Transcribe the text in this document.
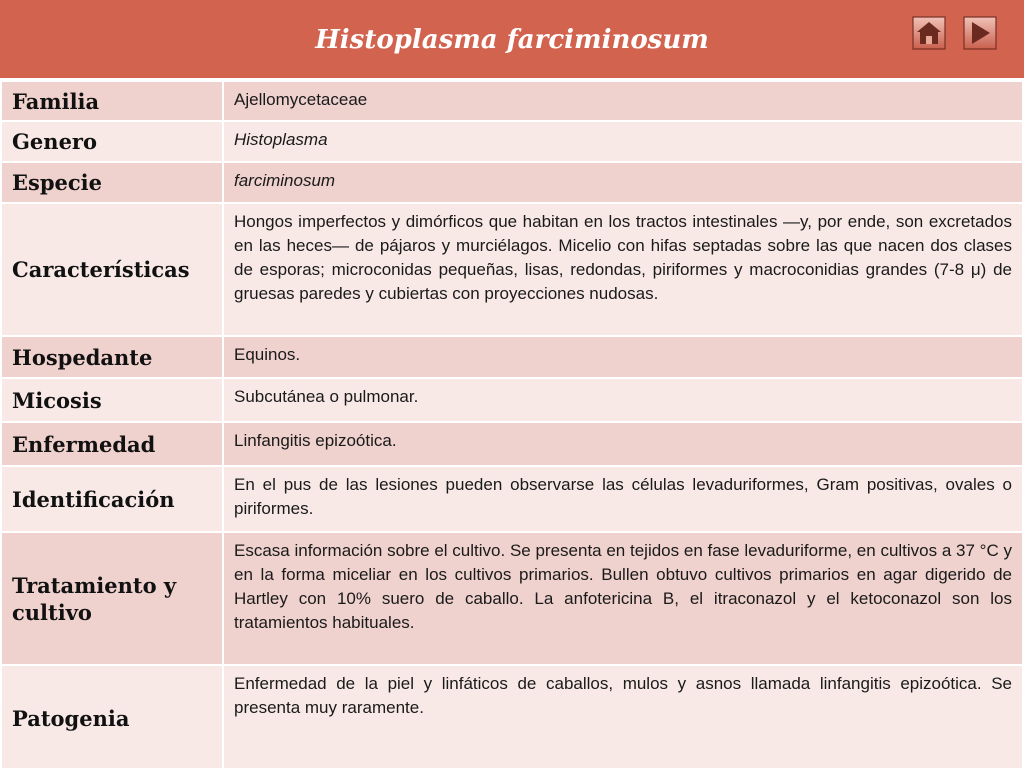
Histoplasma farciminosum
Familia	Ajellomycetaceae
Genero	Histoplasma
Especie	farciminosum
Características	Hongos imperfectos y dimórficos que habitan en los tractos intestinales —y, por ende, son excretados en las heces— de pájaros y murciélagos. Micelio con hifas septadas sobre las que nacen dos clases de esporas; microconidas pequeñas, lisas, redondas, piriformes y macroconidias grandes (7-8 μ) de gruesas paredes y cubiertas con proyecciones nudosas.
Hospedante	Equinos.
Micosis	Subcutánea o pulmonar.
Enfermedad	Linfangitis epizoótica.
Identificación	En el pus de las lesiones pueden observarse las células levaduriformes, Gram positivas, ovales o piriformes.
Tratamiento y cultivo	Escasa información sobre el cultivo. Se presenta en tejidos en fase levaduriforme, en cultivos a 37 °C y en la forma miceliar en los cultivos primarios. Bullen obtuvo cultivos primarios en agar digerido de Hartley con 10% suero de caballo. La anfotericina B, el itraconazol y el ketoconazol son los tratamientos habituales.
Patogenia	Enfermedad de la piel y linfáticos de caballos, mulos y asnos llamada linfangitis epizoótica. Se presenta muy raramente.
